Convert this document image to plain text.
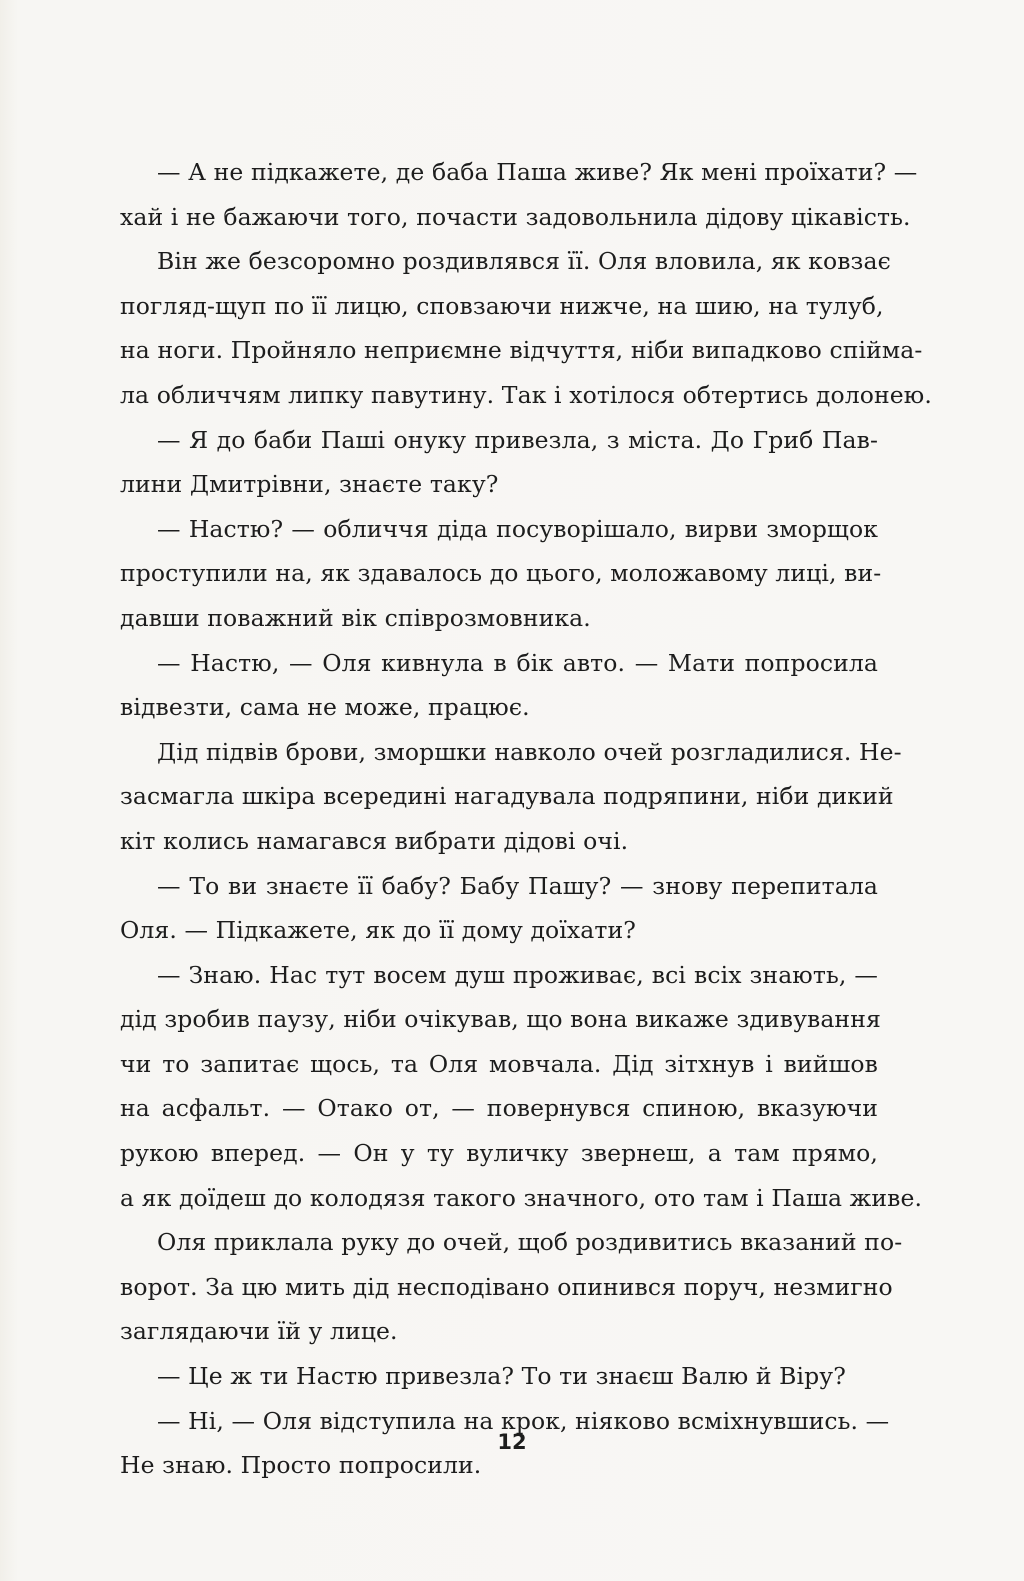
— А не підкажете, де баба Паша живе? Як мені проїхати? —
хай і не бажаючи того, почасти задовольнила дідову цікавість.
Він же безсоромно роздивлявся її. Оля вловила, як ковзає
погляд-щуп по її лицю, сповзаючи нижче, на шию, на тулуб,
на ноги. Пройняло неприємне відчуття, ніби випадково спійма-
ла обличчям липку павутину. Так і хотілося обтертись долонею.
— Я до баби Паші онуку привезла, з міста. До Гриб Пав-
лини Дмитрівни, знаєте таку?
— Настю? — обличчя діда посуворішало, вирви зморщок
проступили на, як здавалось до цього, моложавому лиці, ви-
давши поважний вік співрозмовника.
— Настю, — Оля кивнула в бік авто. — Мати попросила
відвезти, сама не може, працює.
Дід підвів брови, зморшки навколо очей розгладилися. Не-
засмагла шкіра всередині нагадувала подряпини, ніби дикий
кіт колись намагався вибрати дідові очі.
— То ви знаєте її бабу? Бабу Пашу? — знову перепитала
Оля. — Підкажете, як до її дому доїхати?
— Знаю. Нас тут восем душ проживає, всі всіх знають, —
дід зробив паузу, ніби очікував, що вона викаже здивування
чи то запитає щось, та Оля мовчала. Дід зітхнув і вийшов
на асфальт. — Отако от, — повернувся спиною, вказуючи
рукою вперед. — Он у ту вуличку звернеш, а там прямо,
а як доїдеш до колодязя такого значного, ото там і Паша живе.
Оля приклала руку до очей, щоб роздивитись вказаний по-
ворот. За цю мить дід несподівано опинився поруч, незмигно
заглядаючи їй у лице.
— Це ж ти Настю привезла? То ти знаєш Валю й Віру?
— Ні, — Оля відступила на крок, ніяково всміхнувшись. —
Не знаю. Просто попросили.
12
